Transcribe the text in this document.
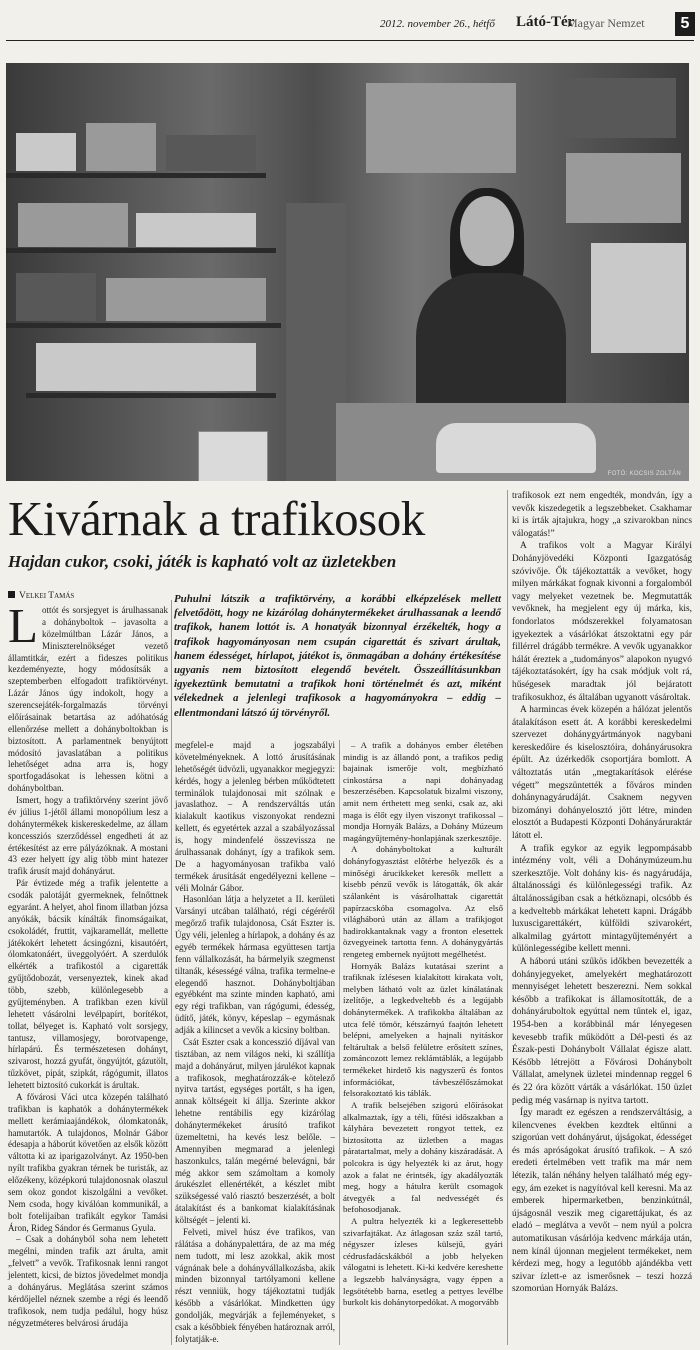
2012. november 26., hétfő Látó-Tér
Magyar Nemzet	5
FOTÓ: KOCSIS ZOLTÁN
Kivárnak a trafikosok
Hajdan cukor, csoki, játék is kapható volt az üzletekben
Velkei Tamás	Puhulni látszik a trafiktörvény, a korábbi elképzelések mellett felvetődött, hogy ne kizárólag dohánytermékeket árulhassanak a leendő trafikok, hanem lottót is. A honatyák bizonnyal érzékelték, hogy a trafikok hagyományosan nem csupán cigarettát és szivart árultak, hanem édességet, hírlapot, játékot is, önmagában a dohány értékesítése ugyanis nem biztosított elegendő bevételt. Összeállításunkban igyekeztünk bemutatni a trafikok honi történelmét és azt, miként vélekednek a jelenlegi trafikosok a hagyományokra – eddig – ellentmondani látszó új törvényről.

Lottót és sorsjegyet is árulhassanak a dohányboltok – javasolta a közelmúltban Lázár János, a Miniszterelnökséget vezető államtitkár, ezért a fideszes politikus kezdeményezte, hogy módosítsák a szeptemberben elfogadott trafiktörvényt. Lázár János úgy indokolt, hogy a szerencsejáték-forgalmazás törvényi előírásainak betartása az adóhatóság ellenőrzése mellett a dohányboltokban is biztosított. A parlamentnek benyújtott módosító javaslatában a politikus lehetőséget adna arra is, hogy sportfogadásokat is lehessen kötni a dohányboltban.

Ismert, hogy a trafiktörvény szerint jövő év július 1-jétől állami monopólium lesz a dohánytermékek kiskereskedelme, az állam koncessziós szerződéssel engedheti át az értékesítést az erre pályázóknak. A mostani 43 ezer helyett így alig több mint hatezer trafik árusít majd dohányárut.

Pár évtizede még a trafik jelentette a csodák palotáját gyermeknek, felnőttnek egyaránt. A helyet, ahol finom illatban józsa anyókák, bácsik kínálták finomságaikat, csokoládét, fruttit, vajkaramellát, mellette játékokért lehetett ácsingózni, kisautóért, ólomkatonáért, üveggolyóért. A szerdulók elkérték a trafikostól a cigaretták gyűjtődobozát, versenyeztek, kinek akad több, szebb, különlegesebb a gyűjteményben. A trafikban ezen kívül lehetett vásárolni levélpapírt, borítékot, tollat, bélyeget is. Kapható volt sorsjegy, tantusz, villamosjegy, borotvapenge, hírlapárú. És természetesen dohányt, szivarost, hozzá gyufát, öngyújtót, gázutölt, tűzkövet, pipát, szipkát, rágógumit, illatos lehetett biztosító cukorkát is árultak.

A fővárosi Váci utca közepén található trafikban is kaphatók a dohánytermékek mellett kerámiaajándékok, ólomkatonák, hamutartók. A tulajdonos, Molnár Gábor édesapja a háborút követően az elsők között váltotta ki az iparigazolványt. Az 1950-ben nyílt trafikba gyakran térnek be turisták, az előzékeny, középkorú tulajdonosnak olaszul sem okoz gondot kiszolgálni a vevőket. Nem csoda, hogy kiválóan kommunikál, a bolt fotelijaiban trafikált egykor Tamási Áron, Rideg Sándor és Germanus Gyula.

– Csak a dohányból soha nem lehetett megélni, minden trafik azt árulta, amit „felvett” a vevők. Trafikosnak lenni rangot jelentett, kicsi, de biztos jövedelmet mondja a dohányárus. Meglátása szerint számos kérdőjellel néznek szembe a régi és leendő trafikosok, nem tudja pedálul, hogy húsz négyzetméteres belvárosi árudája

megfelel-e majd a jogszabályi követelményeknek. A lottó árusításának lehetőségét üdvözli, ugyanakkor megjegyzi: kérdés, hogy a jelenleg bérben működtetett terminálok tulajdonosai mit szólnak e javaslathoz. – A rendszerváltás után kialakult kaotikus viszonyokat rendezni kellett, és egyetértek azzal a szabályozással is, hogy mindenfelé összevissza ne árulhassanak dohányt, így a trafikok sem. De a hagyományosan trafikba való termékek árusítását engedélyezni kellene – véli Molnár Gábor.

Hasonlóan látja a helyzetet a II. kerületi Varsányi utcában található, régi cégéréről megőrző trafik tulajdonosa, Csát Eszter is. Úgy véli, jelenleg a hírlapok, a dohány és az egyéb termékek hármasa együttesen tartja fenn vállalkozását, ha bármelyik szegmenst tiltanák, késességé válna, trafika termelne-e elegendő hasznot. Dohányboltjában egyébként ma szinte minden kapható, ami egy régi trafikban, van rágógumi, édesség, üdítő, játék, könyv, képeslap – egymásnak adják a kilincset a vevők a kicsiny boltban.

Csát Eszter csak a koncesszió díjával van tisztában, az nem világos neki, ki szállítja majd a dohányárut, milyen járulékot kapnak a trafikosok, meghatározzák-e kötelező nyitva tartást, egységes portált, s ha igen, annak költségeit ki állja. Szerinte akkor lehetne rentábilis egy kizárólag dohánytermékeket árusító trafikot üzemeltetni, ha kevés lesz belőle. – Amennyiben megmarad a jelenlegi haszonkulcs, talán megérné belevágni, bár még akkor sem számoltam a komoly árukészlet ellenértékét, a készlet mibt szükségessé való riasztó beszerzését, a bolt átalakítást és a bankomat kialakításának költségét – jelenti ki.

Felveti, mivel húsz éve trafikos, van rálátása a dohánypalettára, de az ma még nem tudott, mi lesz azokkal, akik most vágnának bele a dohányvállalkozásba, akik minden bizonnyal tartólyamoni kellene részt venniük, hogy tájékoztatni tudják később a vásárlókat. Mindketten úgy gondolják, megvárják a fejleményeket, s csak a későbbiek fényében határoznak arról, folytatják-e.

– A trafik a dohányos ember életében mindig is az állandó pont, a trafikos pedig bajainak ismerője volt, megbízható cinkostársa a napi dohányadag beszerzésében. Kapcsolatuk bizalmi viszony, amit nem érthetett meg senki, csak az, aki maga is élőt egy ilyen viszonyt trafikossal – mondja Hornyák Balázs, a Dohány Múzeum magángyűjtemény-honlapjának szerkesztője.

A dohányboltokat a kulturált dohányfogyasztást előtérbe helyezők és a minőségi árucikkeket keresők mellett a kisebb pénzű vevők is látogatták, ők akár szálanként is vásárolhattak cigarettát papírzacskóba csomagolva. Az első világháború után az állam a trafikjogot hadirokkantaknak vagy a fronton elesettek özvegyeinek tartotta fenn. A dohánygyártás rengeteg embernek nyújtott megélhetést.

Hornyák Balázs kutatásai szerint a trafiknak ízlésesen kialakított kirakata volt, melyben látható volt az üzlet kínálatának ízelítője, a legkedveltebb és a legújabb dohánytermékek. A trafikokba általában az utca felé tömör, kétszárnyú faajtón lehetett belépni, amelyeken a hajnali nyitáskor feltárultak a belső felületre erősített színes, zománcozott lemez reklámtáblák, a legújabb termékeket hirdető kis nagyszerű és fontos információkat, távbeszélőszámokat felsorakoztató kis táblák.

A trafik belsejében szigorú előírásokat alkalmaztak, így a téli, fűtési időszakban a kályhára bevezetett rongyot tettek, ez biztosította az üzletben a magas páratartalmat, mely a dohány kiszáradását. A polcokra is úgy helyezték ki az árut, hogy azok a falat ne érintsék, így akadályozták meg, hogy a hátulra került csomagok átvegyék a fal nedvességét és befohosodjanak.

A pultra helyezték ki a legkeresettebb szivarfajtákat. Az átlagosan száz szál tartó, négyszer ízleses külsejű, gyári cédrusfadácskákból a jobb helyeken válogatni is lehetett. Ki-ki kedvére kereshette a legszebb halványságra, vagy éppen a legsötétebb barna, esetleg a pettyes levélbe burkolt kis dohánytorpedókat. A mogorvább

trafikosok ezt nem engedték, mondván, így a vevők kiszedegetik a legszebbeket. Csakhamar ki is írták ajtajukra, hogy „a szivarokban nincs válogatás!”

A trafikos volt a Magyar Királyi Dohányjövedéki Központi Igazgatóság szóvivője. Ők tájékoztatták a vevőket, hogy milyen márkákat fognak kivonni a forgalomból vagy melyeket vezetnek be. Megmutatták vevőknek, ha megjelent egy új márka, kis, fondorlatos módszerekkel folyamatosan igyekeztek a vásárlókat átszoktatni egy pár fillérrel drágább termékre. A vevők ugyanakkor hálát éreztek a „tudományos” alapokon nyugvó tájékoztatásokért, így ha csak módjuk volt rá, hűségesek maradtak jól bejáratott trafikosukhoz, és általában ugyanott vásároltak.

A harmincas évek közepén a hálózat jelentős átalakításon esett át. A korábbi kereskedelmi szervezet dohánygyártmányok nagybani kereskedőire és kiselosztóira, dohányárusokra épült. Az úzérkedők csoportjára bomlott. A változtatás után „megtakarítások elérése végett” megszüntették a főváros minden dohánynagyárudáját. Csaknem negyven bizományi dohányelosztó jött létre, minden elosztót a Budapesti Központi Dohányáruraktár látott el.

A trafik egykor az egyik legpompásabb intézmény volt, véli a Dohánymúzeum.hu szerkesztője. Volt dohány kis- és nagyárudája, általánossági és különlegességi trafik. Az általánosságiban csak a hétköznapi, olcsóbb és a kedveltebb márkákat lehetett kapni. Drágább luxuscigarettákért, külföldi szivarokért, alkalmilag gyártott mintagyűjteményért a különlegességibe kellett menni.

A háború utáni szűkös időkben bevezették a dohányjegyeket, amelyekért meghatározott mennyiséget lehetett beszerezni. Nem sokkal később a trafikokat is államosították, de a dohányáruboltok egyúttal nem tűntek el, igaz, 1954-ben a korábbinál már lényegesen kevesebb trafik működött a Dél-pesti és az Észak-pesti Dohánybolt Vállalat égisze alatt. Később létrejött a Fővárosi Dohánybolt Vállalat, amelynek üzletei mindennap reggel 6 és 22 óra között várták a vásárlókat. 150 üzlet pedig még vasárnap is nyitva tartott.

Így maradt ez egészen a rendszerváltásig, a kilencvenes években kezdtek eltűnni a szigorúan vett dohányárut, újságokat, édességet és más apróságokat árusító trafikok. – A szó eredeti értelmében vett trafik ma már nem létezik, talán néhány helyen található még egy-egy, ám ezeket is nagyítóval kell keresni. Ma az emberek hipermarketben, benzinkútnál, újságosnál veszik meg cigarettájukat, és az eladó – meglátva a vevőt – nem nyúl a polcra automatikusan vásárlója kedvenc márkája után, nem kínál újonnan megjelent termékeket, nem kérdezi meg, hogy a legutóbb ajándékba vett szivar ízlett-e az ismerősnek – teszi hozzá szomorúan Hornyák Balázs.
